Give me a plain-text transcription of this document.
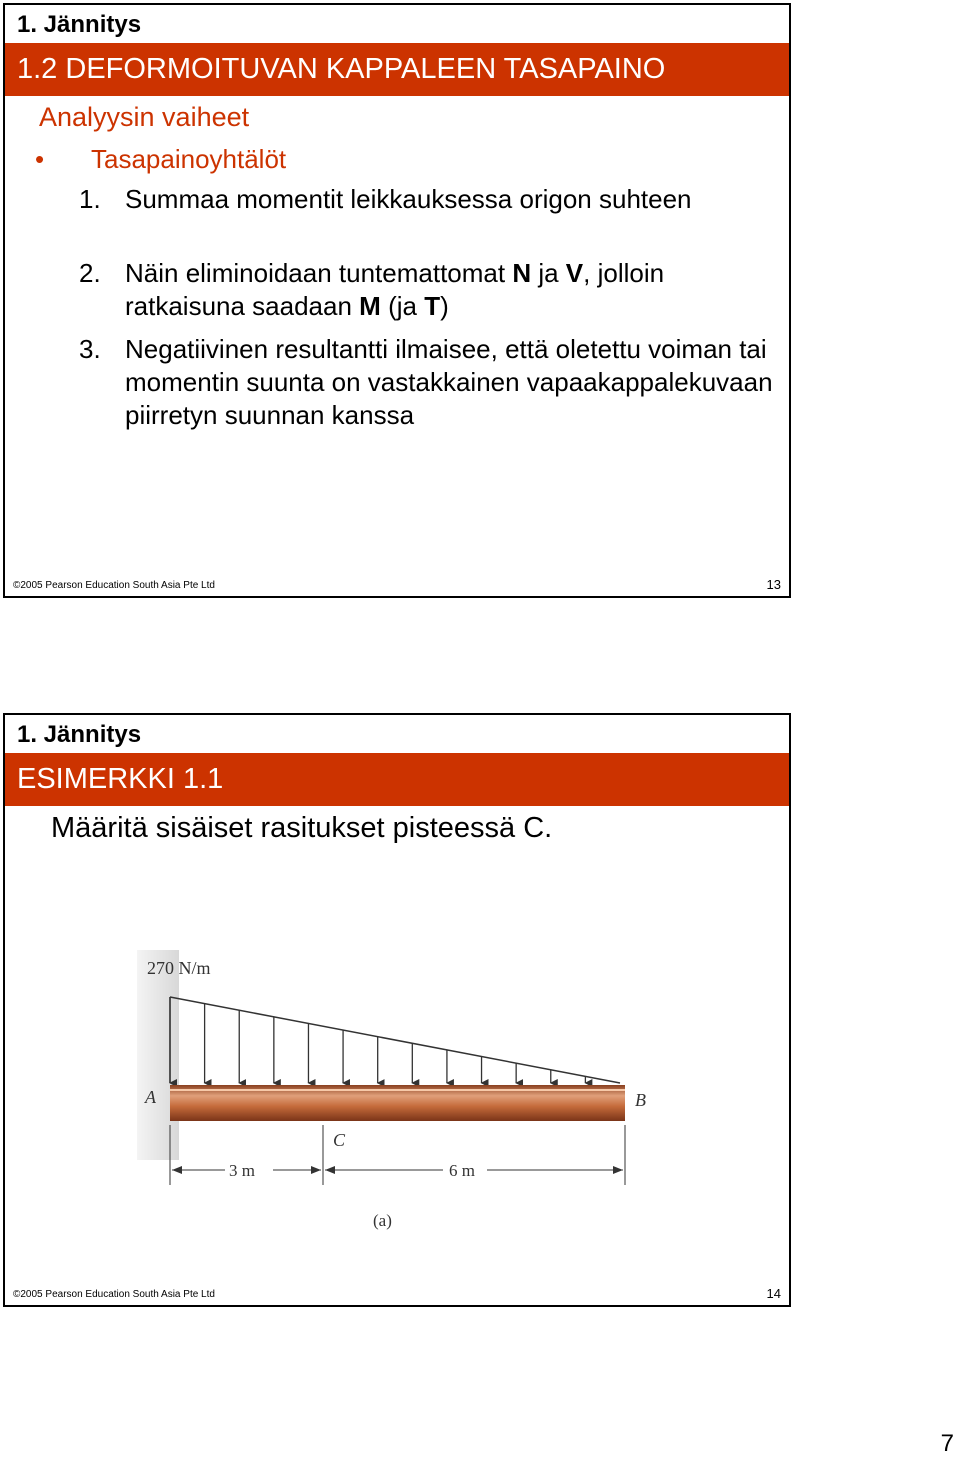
1. Jännitys
1.2 DEFORMOITUVAN KAPPALEEN TASAPAINO
Analyysin vaiheet
• Tasapainoyhtälöt
1. Summaa momentit leikkauksessa origon suhteen
2. Näin eliminoidaan tuntemattomat N ja V, jolloin ratkaisuna saadaan M (ja T)
3. Negatiivinen resultantti ilmaisee, että oletettu voiman tai momentin suunta on vastakkainen vapaakappalekuvaan piirretyn suunnan kanssa
©2005 Pearson Education South Asia Pte Ltd	13
1. Jännitys
ESIMERKKI 1.1
Määritä sisäiset rasitukset pisteessä C.
270 N/m
A	B
C
3 m	6 m
(a)
©2005 Pearson Education South Asia Pte Ltd	14
7
